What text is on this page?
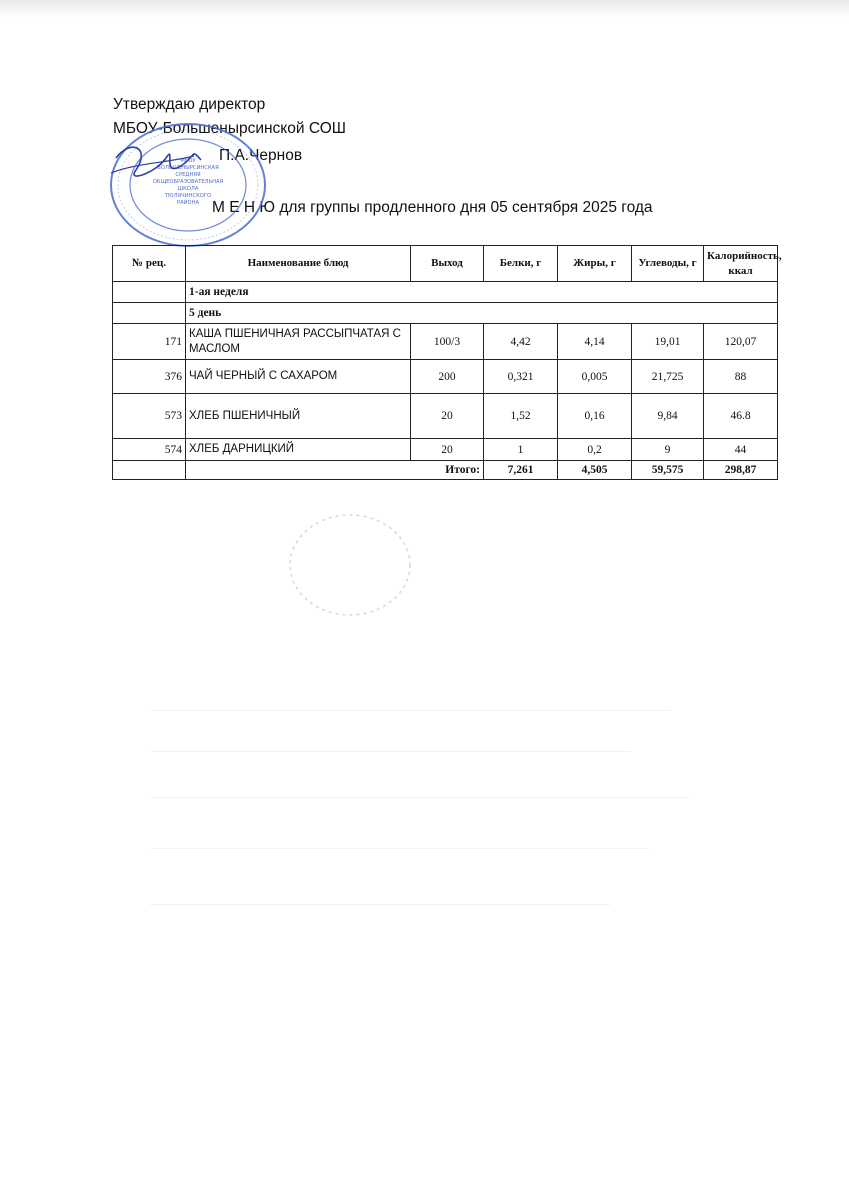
Утверждаю директор
МБОУ-Большенырсинской СОШ
П.А.Чернов
М Е Н Ю для группы продленного дня 05 сентября 2025 года
МБОУ
БОЛЬШЕНЫРСИНСКАЯ
СРЕДНЯЯ
ОБЩЕОБРАЗОВАТЕЛЬНАЯ
ШКОЛА
ТЮЛЯЧИНСКОГО
РАЙОНА
№ рец.	Наименование блюд	Выход	Белки, г	Жиры, г	Углеводы, г	Калорийность, ккал
	1-ая неделя					
	5 день					
171	КАША ПШЕНИЧНАЯ РАССЫПЧАТАЯ С МАСЛОМ	100/3	4,42	4,14	19,01	120,07
376	ЧАЙ ЧЕРНЫЙ С САХАРОМ	200	0,321	0,005	21,725	88
573	ХЛЕБ ПШЕНИЧНЫЙ	20	1,52	0,16	9,84	46.8
574	ХЛЕБ ДАРНИЦКИЙ	20	1	0,2	9	44
	Итого:		7,261	4,505	59,575	298,87
